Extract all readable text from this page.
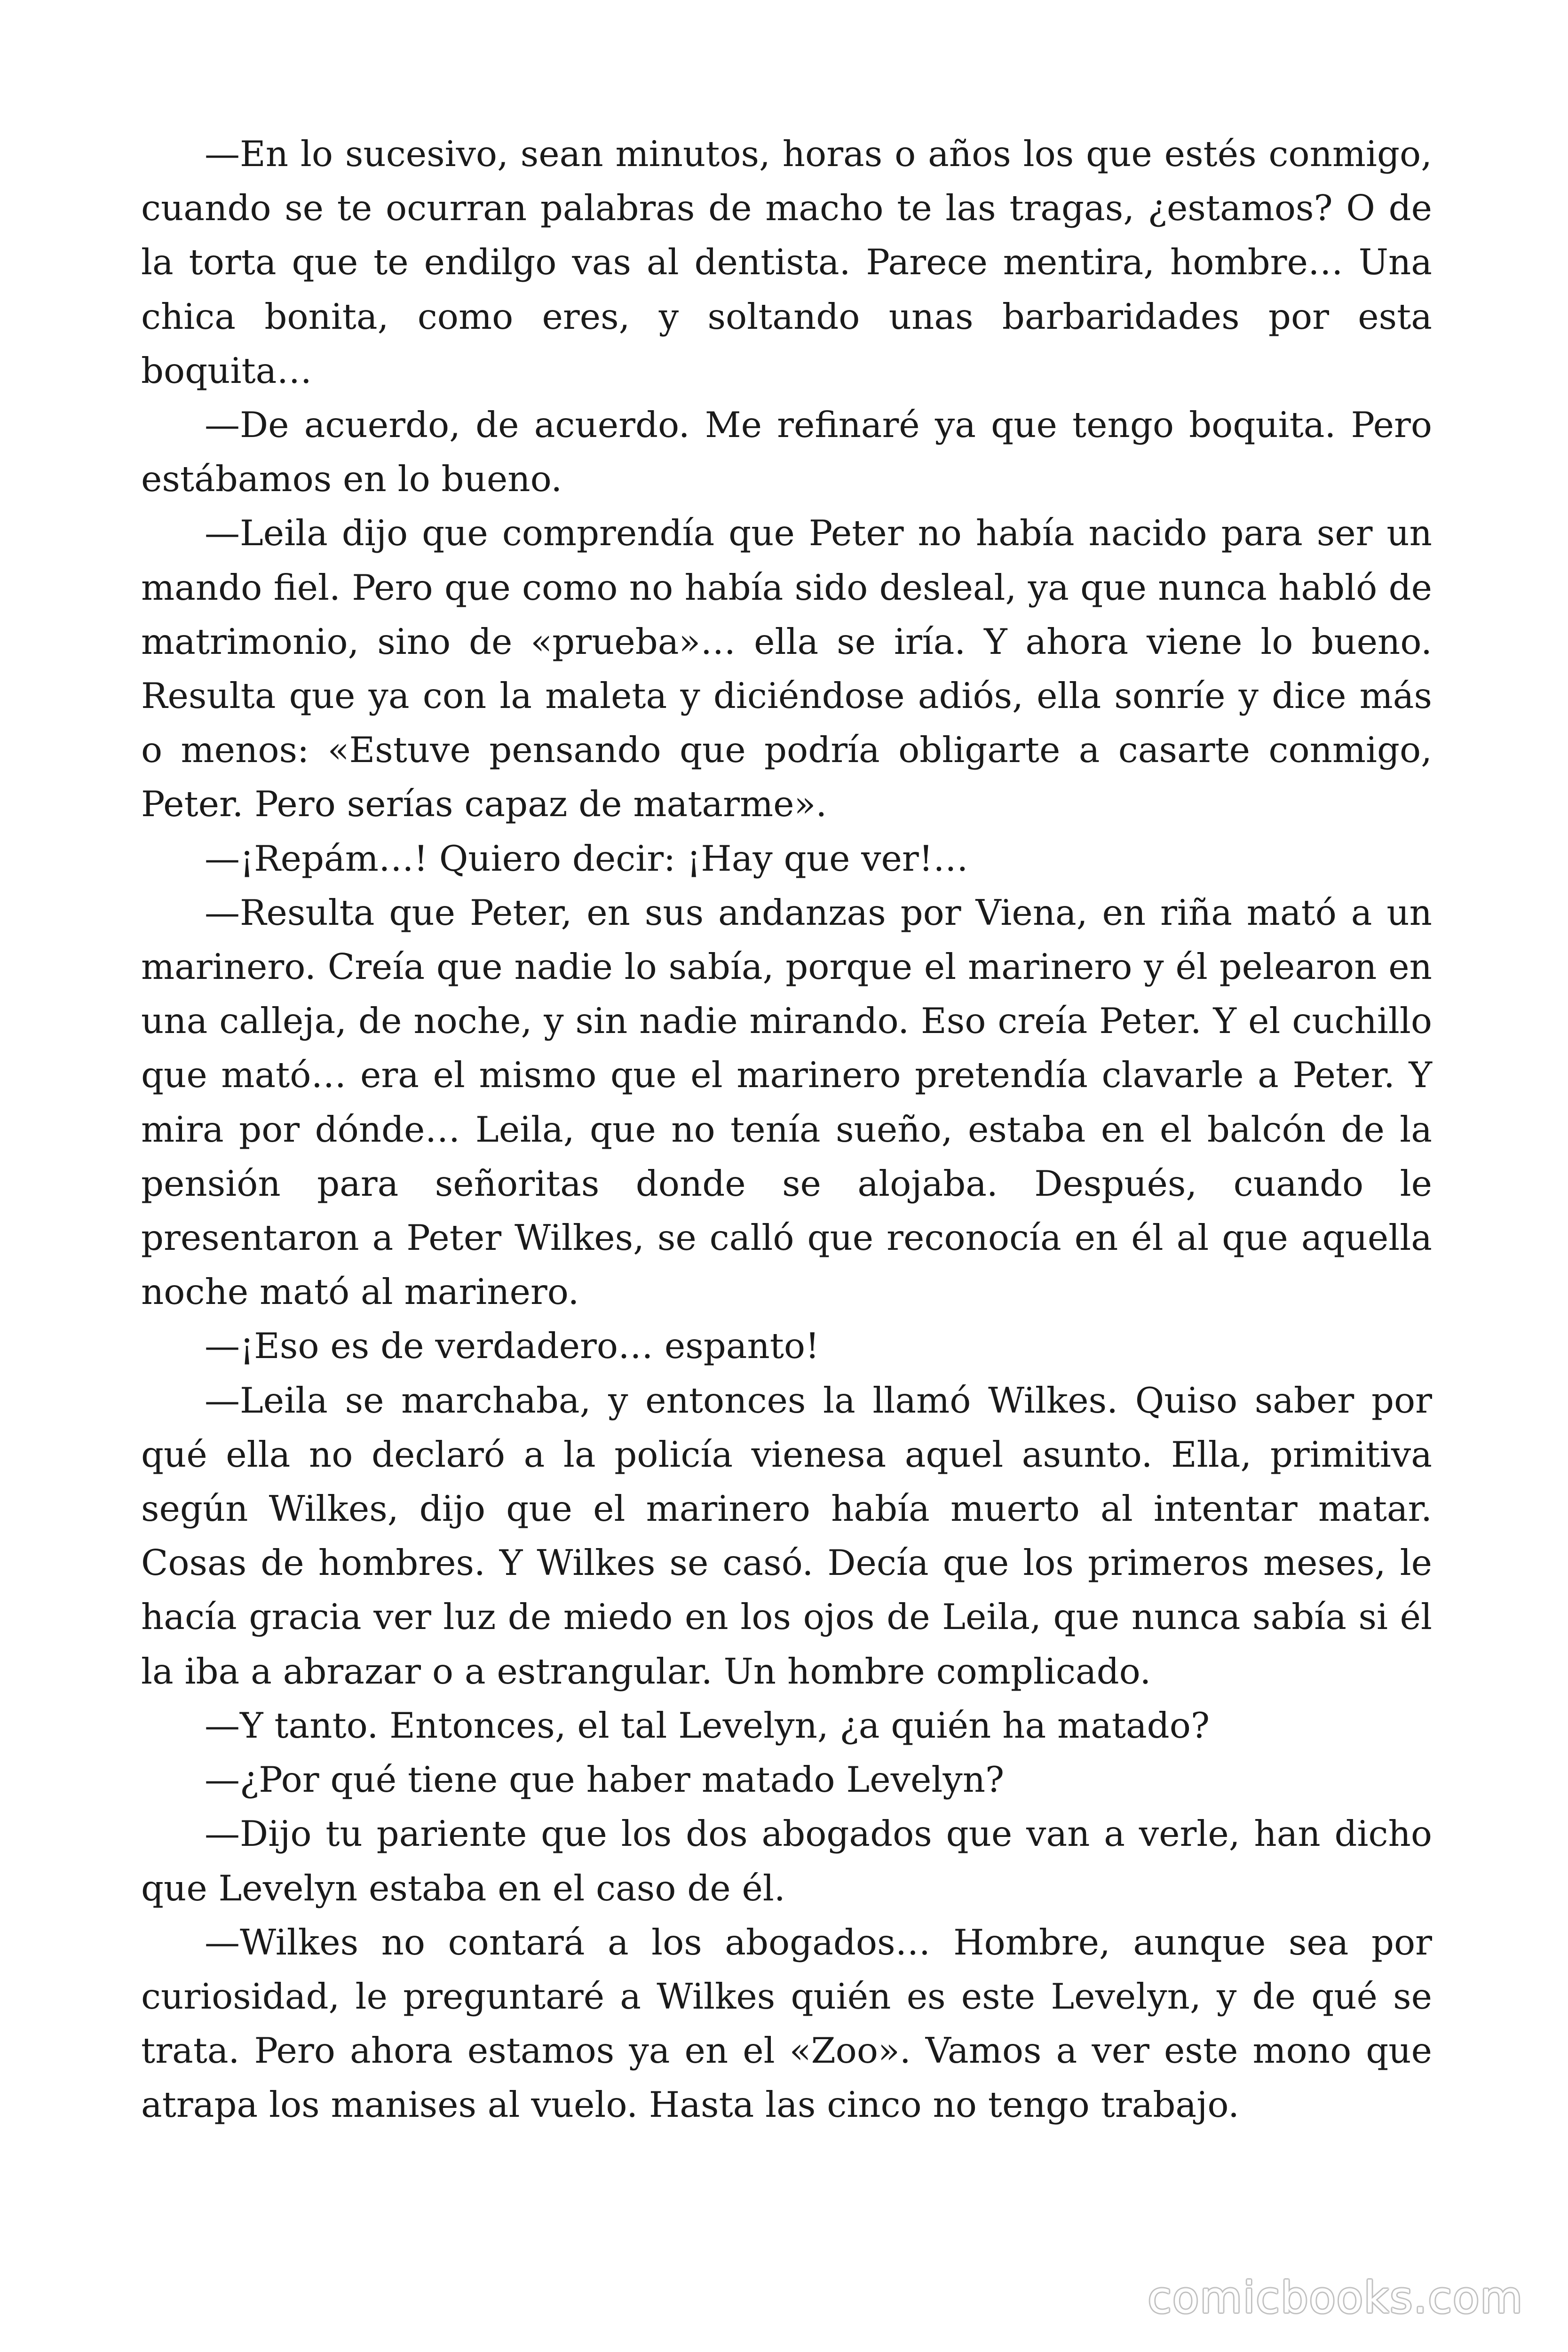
—En lo sucesivo, sean minutos, horas o años los que estés conmigo, cuando se te ocurran palabras de macho te las tragas, ¿estamos? O de la torta que te endilgo vas al dentista. Parece mentira, hombre… Una chica bonita, como eres, y soltando unas barbaridades por esta boquita…

—De acuerdo, de acuerdo. Me refinaré ya que tengo boquita. Pero estábamos en lo bueno.

—Leila dijo que comprendía que Peter no había nacido para ser un mando fiel. Pero que como no había sido desleal, ya que nunca habló de matrimonio, sino de «prueba»… ella se iría. Y ahora viene lo bueno. Resulta que ya con la maleta y diciéndose adiós, ella sonríe y dice más o menos: «Estuve pensando que podría obligarte a casarte conmigo, Peter. Pero serías capaz de matarme».

—¡Repám…! Quiero decir: ¡Hay que ver!…

—Resulta que Peter, en sus andanzas por Viena, en riña mató a un marinero. Creía que nadie lo sabía, porque el marinero y él pelearon en una calleja, de noche, y sin nadie mirando. Eso creía Peter. Y el cuchillo que mató… era el mismo que el marinero pretendía clavarle a Peter. Y mira por dónde… Leila, que no tenía sueño, estaba en el balcón de la pensión para señoritas donde se alojaba. Después, cuando le presentaron a Peter Wilkes, se calló que reconocía en él al que aquella noche mató al marinero.

—¡Eso es de verdadero… espanto!

—Leila se marchaba, y entonces la llamó Wilkes. Quiso saber por qué ella no declaró a la policía vienesa aquel asunto. Ella, primitiva según Wilkes, dijo que el marinero había muerto al intentar matar. Cosas de hombres. Y Wilkes se casó. Decía que los primeros meses, le hacía gracia ver luz de miedo en los ojos de Leila, que nunca sabía si él la iba a abrazar o a estrangular. Un hombre complicado.

—Y tanto. Entonces, el tal Levelyn, ¿a quién ha matado?

—¿Por qué tiene que haber matado Levelyn?

—Dijo tu pariente que los dos abogados que van a verle, han dicho que Levelyn estaba en el caso de él.

—Wilkes no contará a los abogados… Hombre, aunque sea por curiosidad, le preguntaré a Wilkes quién es este Levelyn, y de qué se trata. Pero ahora estamos ya en el «Zoo». Vamos a ver este mono que atrapa los manises al vuelo. Hasta las cinco no tengo trabajo.

comicbooks.com
